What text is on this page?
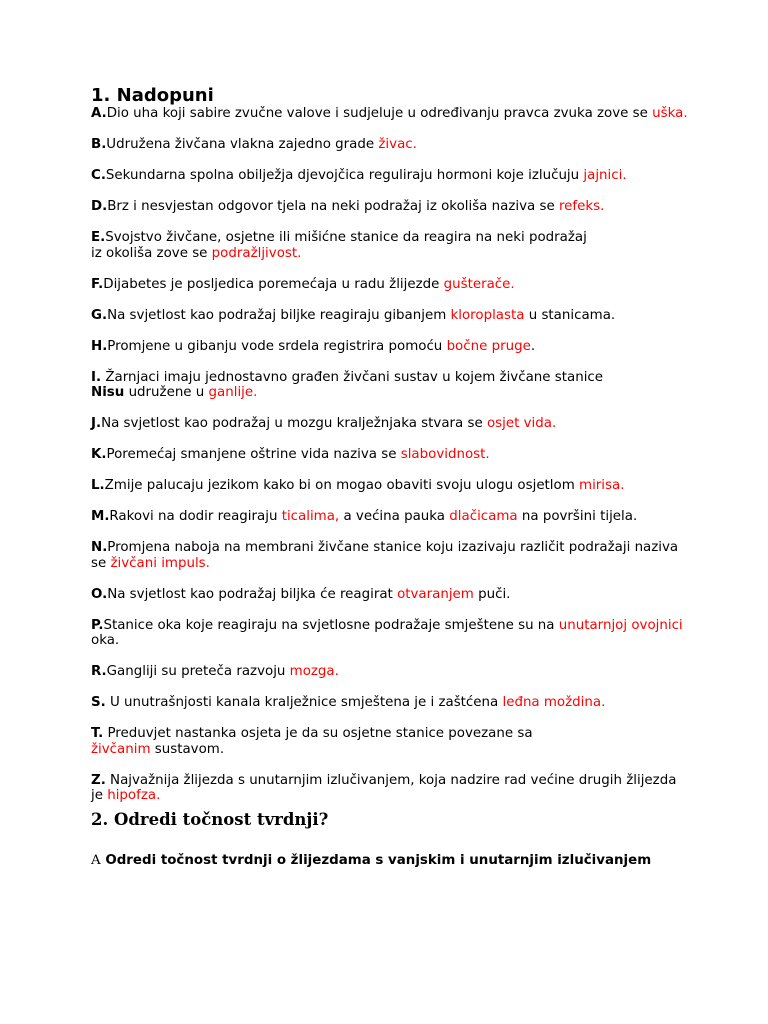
1. Nadopuni

A.Dio uha koji sabire zvučne valove i sudjeluje u određivanju pravca zvuka zove se uška.

B.Udružena živčana vlakna zajedno grade živac.

C.Sekundarna spolna obilježja djevojčica reguliraju hormoni koje izlučuju jajnici.

D.Brz i nesvjestan odgovor tjela na neki podražaj iz okoliša naziva se refeks.

E.Svojstvo živčane, osjetne ili mišićne stanice da reagira na neki podražaj
iz okoliša zove se podražljivost.

F.Dijabetes je posljedica poremećaja u radu žlijezde gušterače.

G.Na svjetlost kao podražaj biljke reagiraju gibanjem kloroplasta u stanicama.

H.Promjene u gibanju vode srdela registrira pomoću bočne pruge.

I. Žarnjaci imaju jednostavno građen živčani sustav u kojem živčane stanice
Nisu udružene u ganlije.

J.Na svjetlost kao podražaj u mozgu kralježnjaka stvara se osjet vida.

K.Poremećaj smanjene oštrine vida naziva se slabovidnost.

L.Zmije palucaju jezikom kako bi on mogao obaviti svoju ulogu osjetlom mirisa.

M.Rakovi na dodir reagiraju ticalima, a većina pauka dlačicama na površini tijela.

N.Promjena naboja na membrani živčane stanice koju izazivaju različit podražaji naziva se živčani impuls.

O.Na svjetlost kao podražaj biljka će reagirat otvaranjem puči.

P.Stanice oka koje reagiraju na svjetlosne podražaje smještene su na unutarnjoj ovojnici oka.

R.Gangliji su preteča razvoju mozga.

S. U unutrašnjosti kanala kralježnice smještena je i zaštćena leđna moždina.

T. Preduvjet nastanka osjeta je da su osjetne stanice povezane sa
živčanim sustavom.

Z. Najvažnija žlijezda s unutarnjim izlučivanjem, koja nadzire rad većine drugih žlijezda je hipofza.

2. Odredi točnost tvrdnji?
A Odredi točnost tvrdnji o žlijezdama s vanjskim i unutarnjim izlučivanjem
